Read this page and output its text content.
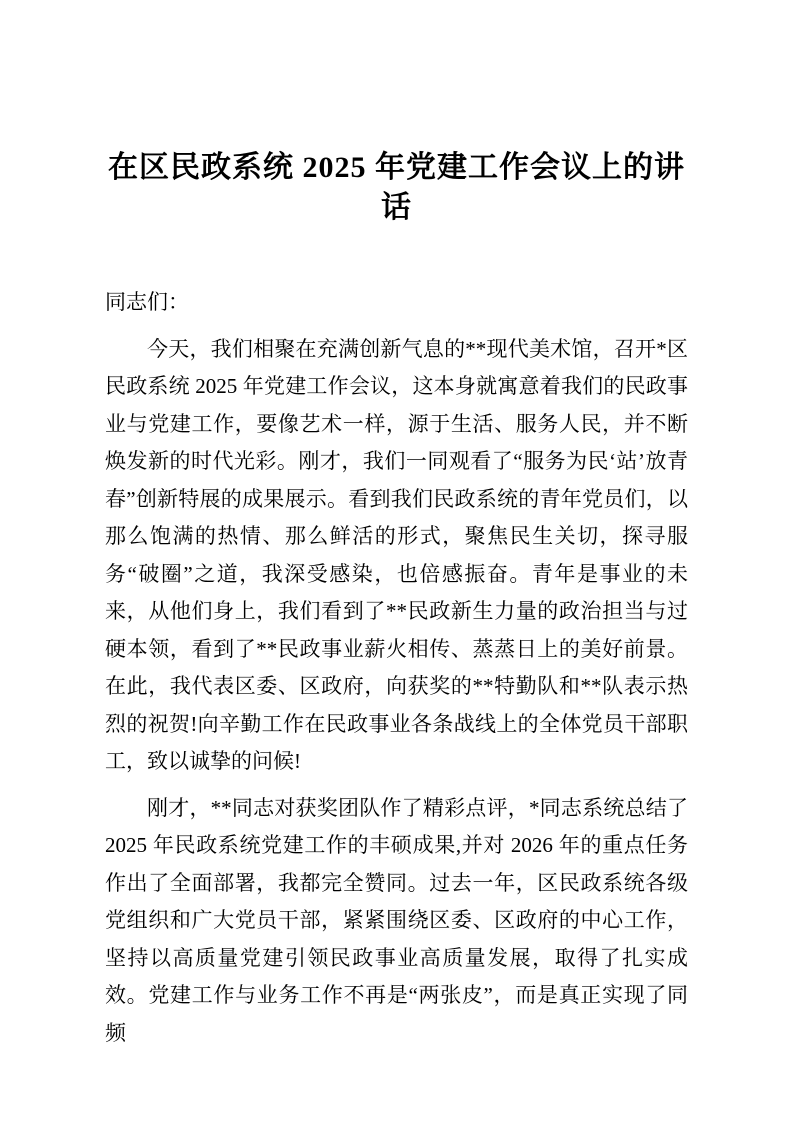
在区民政系统 2025 年党建工作会议上的讲话

同志们：

今天，我们相聚在充满创新气息的**现代美术馆，召开*区民政系统 2025 年党建工作会议，这本身就寓意着我们的民政事业与党建工作，要像艺术一样，源于生活、服务人民，并不断焕发新的时代光彩。刚才，我们一同观看了“服务为民‘站’放青春”创新特展的成果展示。看到我们民政系统的青年党员们，以那么饱满的热情、那么鲜活的形式，聚焦民生关切，探寻服务“破圈”之道，我深受感染，也倍感振奋。青年是事业的未来，从他们身上，我们看到了**民政新生力量的政治担当与过硬本领，看到了**民政事业薪火相传、蒸蒸日上的美好前景。在此，我代表区委、区政府，向获奖的**特勤队和**队表示热烈的祝贺!向辛勤工作在民政事业各条战线上的全体党员干部职工，致以诚挚的问候!

刚才，**同志对获奖团队作了精彩点评，*同志系统总结了 2025 年民政系统党建工作的丰硕成果,并对 2026 年的重点任务作出了全面部署，我都完全赞同。过去一年，区民政系统各级党组织和广大党员干部，紧紧围绕区委、区政府的中心工作，坚持以高质量党建引领民政事业高质量发展，取得了扎实成效。党建工作与业务工作不再是“两张皮”，而是真正实现了同频
